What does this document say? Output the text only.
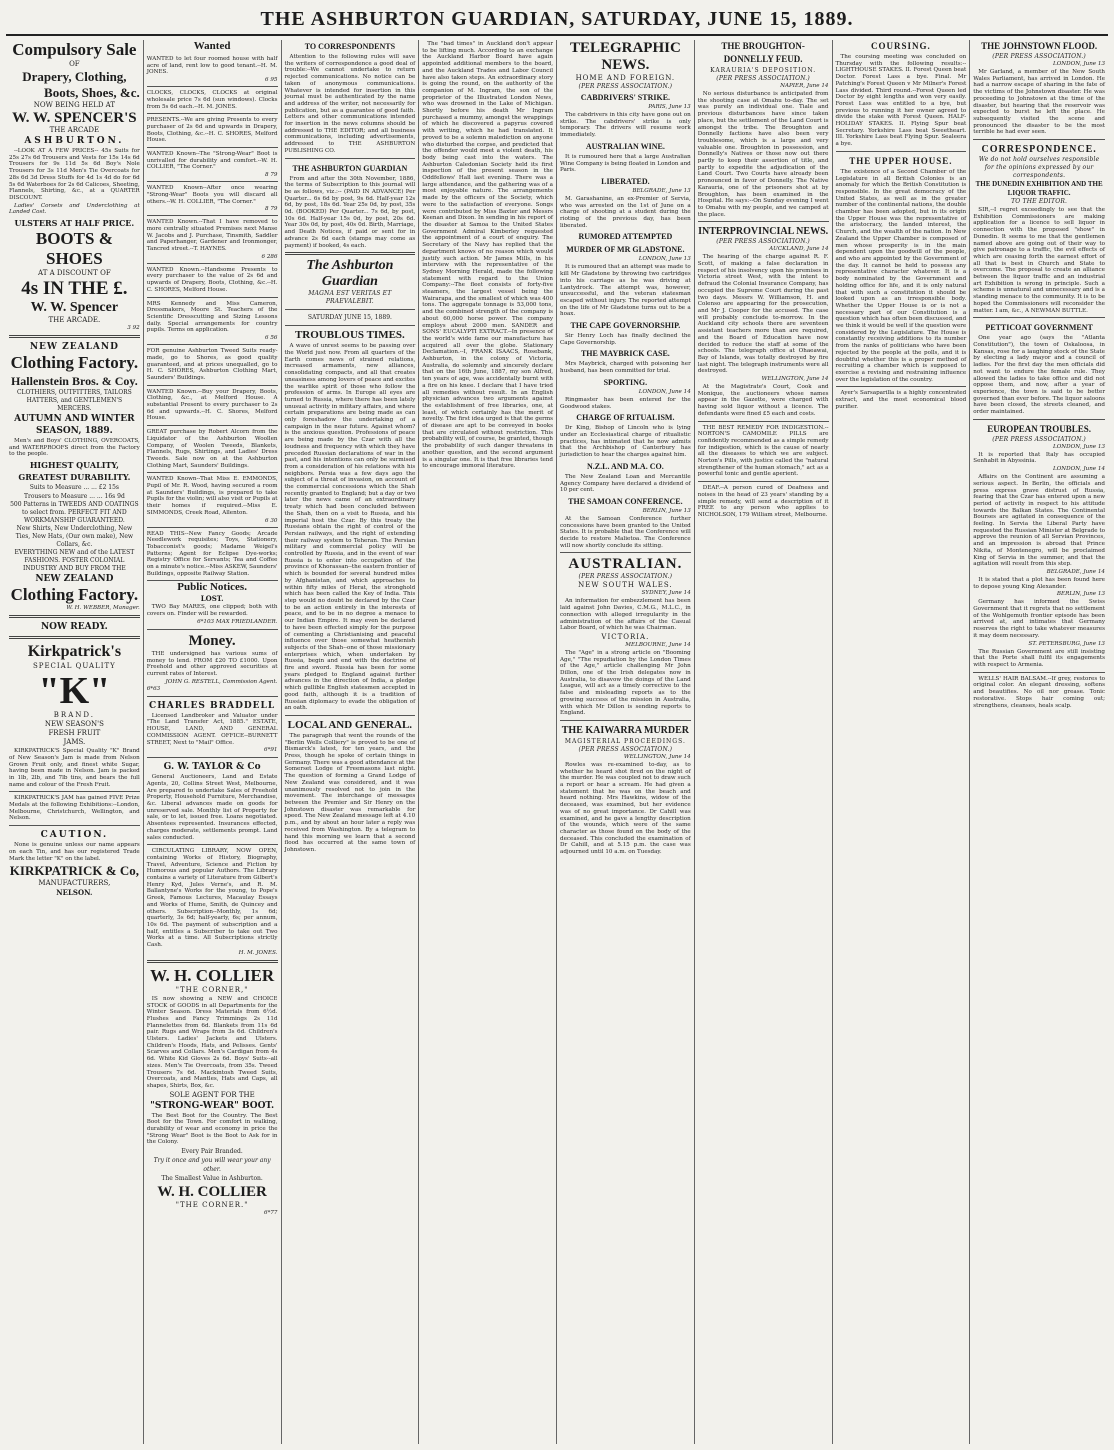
THE ASHBURTON GUARDIAN, SATURDAY, JUNE 15, 1889.
Compulsory Sale
OF
Drapery, Clothing,
Boots, Shoes, &c.
NOW BEING HELD AT
W. W. SPENCER'S
THE ARCADE
ASHBURTON.
--LOOK AT A FEW PRICES-- 45s Suits for 25s 27s 6d Trousers and Vests for 15s 14s 6d Trousers for 9s 11d 5s 6d Boy's Nole Trousers for 3s 11d Men's Tie Overcoats for 28s 6d 3d Dress Stuffs for 4d 1s 4d do for 6d 5s 6d Waterboes for 2s 6d Calicoes, Sheeting, Flannels, Shirting, &c., at a QUARTER DISCOUNT.
Ladies' Corsets and Underclothing at Landed Cost.
ULSTERS AT HALF PRICE.
BOOTS & SHOES
AT A DISCOUNT OF
4s IN THE £.
W. W. Spencer
THE ARCADE.
3 92
NEW ZEALAND
Clothing Factory.
Hallenstein Bros. & Coy.
CLOTHIERS, OUTFITTERS, TAILORS HATTERS, and GENTLEMEN'S MERCERS.
AUTUMN AND WINTER
SEASON, 1889.
Men's and Boys' CLOTHING, OVERCOATS, and WATERPROOFS direct from the Factory to the people.
HIGHEST QUALITY,
GREATEST DURABILITY.
Suits to Measure ... ... £2 15s
Trousers to Measure ... ... 16s 9d
500 Patterns in TWEEDS AND COATINGS to select from. PERFECT FIT AND WORKMANSHIP GUARANTEED.
New Shirts, New Underclothing, New Ties, New Hats, (Our own make), New Collars, &c.
EVERYTHING NEW and of the LATEST FASHIONS. FOSTER COLONIAL INDUSTRY AND BUY FROM THE
NEW ZEALAND
Clothing Factory.
W. H. WEBBER, Manager.
NOW READY.
Kirkpatrick's
SPECIAL QUALITY
"K"
BRAND.
NEW SEASON'S
FRESH FRUIT
JAMS.
KIRKPATRICK'S Special Quality "K" Brand of New Season's Jam is made from Nelson Grown Fruit only, and finest white Sugar, having been made in Nelson. Jam is packed in 1lb, 2lb, and 7lb tins, and bears the full name and colour of the Fresh Fruit.
KIRKPATRICK'S JAM has gained FIVE Prize Medals at the following Exhibitions:--London, Melbourne, Christchurch, Wellington, and Nelson.
CAUTION.
None is genuine unless our name appears on each Tin, and has our registered Trade Mark the letter "K" on the label.
KIRKPATRICK & Co,
MANUFACTURERS,
NELSON.
Wanted
WANTED to let four roomed house with half acre of land, rent low to good tenant.--H. M. JONES.
6 95
CLOCKS, CLOCKS, CLOCKS at original wholesale price 7s 6d (sun windows). Clocks from 5s 6d each.--H. M. JONES.
PRESENTS.--We are giving Presents to every purchaser of 2s 6d and upwards in Drapery, Boots, Clothing, &c.--H. C. SHORES, Melford House.
WANTED Known--The "Strong-Wear" Boot is unrivalled for durability and comfort.--W. H. COLLIER, "The Corner."
8 79
WANTED Known--After once wearing "Strong-Wear" Boots you will discard all others.--W. H. COLLIER, "The Corner."
8 79
WANTED Known.--That I have removed to more centrally situated Premises next Manse W. Jacobs and J. Purchase, Tinsmith, Saddler and Paperhanger, Gardener and Ironmonger, Tancred street.--T. HAYNES.
6 286
WANTED Known.--Handsome Presents to every purchaser to the value of 2s 6d and upwards of Drapery, Boots, Clothing, &c.--H. C. SHORES, Melford House.
MRS Kennedy and Miss Cameron, Dressmakers, Moore St. Teachers of the Scientific Dresscutting and Sizing Lessons daily. Special arrangements for country pupils. Terms on application.
6 56
FOR genuine Ashburton Tweed Suits ready-made, go to Shores, as good quality guaranteed, and at prices unequalled, go to H. C. SHORES, Ashburton Clothing Mart, Saunders' Buildings.
WANTED Known.--Buy your Drapery, Boots, Clothing, &c., at Melford House. A substantial Present to every purchaser to 2s 6d and upwards.--H. C. Shores, Melford House.
GREAT purchase by Robert Alcorn from the Liquidator of the Ashburton Woollen Company, of Woolen Tweeds, Blankets, Flannels, Rugs, Shirtings, and Ladies' Dress Tweeds. Sale now on at the Ashburton Clothing Mart, Saunders' Buildings.
WANTED Known--That Miss E. EMMONDS, Pupil of Mr. R. Wood, having secured a room at Saunders' Buildings, is prepared to take Pupils for the violin; will also visit or Pupils at their homes if required.--Miss E. SIMMONDS, Creek Road, Allenton.
6 30
READ THIS--New Fancy Goods; Arcade Needlework requisites; Toys, Stationery, Tobacconist's goods; Madame Weigel's Patterns; Agent for Eclipse Dye-works; Registry Office for Servants; Tea and Coffee on a minute's notice.--Miss ASKEW, Saunders' Buildings, opposite Railway Station.
Public Notices.
LOST.
TWO Bay MARES, one clipped; both with covers on. Finder will be rewarded.
6*103 MAX FRIEDLANDER.
Money.
THE undersigned has various sums of money to lend. FROM £20 TO £1000. Upon Freehold and other approved securities at current rates of Interest.
JOHN G. RESTELL, Commission Agent.
6*63
CHARLES BRADDELL
Licensed Landbroker and Valuator under "The Land Transfer Act, 1885." ESTATE, HOUSE, LAND, AND GENERAL COMMISSION AGENT. OFFICE--BURNETT STREET, Next to "Mail" Office.
6*91
G. W. TAYLOR & Co
General Auctioneers, Land and Estate Agents, 20, Collins Street West, Melbourne, Are prepared to undertake Sales of Freehold Property, Household Furniture, Merchandise, &c. Liberal advances made on goods for unreserved sale. Monthly list of Property for sale, or to let, issued free. Loans negotiated. Absentees represented. Insurances effected, charges moderate, settlements prompt. Land sales conducted.
CIRCULATING LIBRARY, NOW OPEN, containing Works of History, Biography, Travel, Adventure, Science and Fiction by Humorous and popular Authors. The Library contains a variety of Literature from Gilbert's Henry Kyd, Jules Verne's, and R. M. Ballantyne's Works for the young, to Pope's Greek, Famous Lectures, Macaulay Essays and Works of Hume, Smith, de Quincey and others. Subscription--Monthly, 1s 6d; quarterly, 3s 6d; half-yearly, 6s; per annum, 10s 6d. The payment of subscription and a half, entitles a Subscriber to take out Two Works at a time. All Subscriptions strictly Cash.
H. M. JONES.
W. H. COLLIER
"THE CORNER,"
IS now showing a NEW and CHOICE STOCK of GOODS in all Departments for the Winter Season. Dress Materials from 6½d. Flushes and Fancy Trimmings 2s 11d Flannelettes from 6d. Blankets from 11s 6d pair. Rugs and Wraps from 3s 6d. Children's Ulsters. Ladies' Jackets and Ulsters. Children's Hoods, Hats, and Pelisses. Gents' Scarves and Collars. Men's Cardigan from 4s 6d. White Kid Gloves 2s 6d. Boys' Suits--all sizes. Men's Tie Overcoats, from 35s. Tweed Trousers 7s 6d. Mackintosh Tweed Suits, Overcoats, and Mantles, Hats and Caps, all shapes, Shirts, Box, &c.
SOLE AGENT FOR THE
"STRONG-WEAR" BOOT.
The Best Boot for the Country. The Best Boot for the Town. For comfort in walking, durability of wear and economy in price the "Strong Wear" Boot is the Boot to Ask for in the Colony.
Every Pair Branded.
Try it once and you will wear your any other.
The Smallest Value in Ashburton.
W. H. COLLIER
"THE CORNER."
6*77
TO CORRESPONDENTS
Attention to the following rules will save the writers of correspondence a good deal of trouble:--We cannot undertake to return rejected communications. No notice can be taken of anonymous communications. Whatever is intended for insertion in this journal must be authenticated by the name and address of the writer, not necessarily for publication, but as a guarantee of good faith. Letters and other communications intended for insertion in the news columns should be addressed to THE EDITOR; and all business communications, including advertisements, addressed to THE ASHBURTON PUBLISHING CO.
THE ASHBURTON GUARDIAN
From and after the 30th November, 1886, the terms of Subscription to this journal will be as follows, viz.:-- (PAID IN ADVANCE) Per Quarter... 6s 6d by post, 9s 6d. Half-year 12s 6d, by post, 18s 6d. Year 25s 0d, by post, 35s 0d. (BOOKED) Per Quarter... 7s 6d, by post, 10s 6d. Half-year 15s 0d, by post, 20s 6d. Year 30s 0d, by post, 40s 0d. Birth, Marriage, and Death Notices, if paid or sent for in advance 2s 6d each (stamps may come as payment) if booked, 4s each.
The Ashburton Guardian
MAGNA EST VERITAS ET PRAEVALEBIT.
SATURDAY JUNE 15, 1889.
TROUBLOUS TIMES.
A wave of unrest seems to be passing over the World just now. From all quarters of the Earth comes news of strained relations, increased armaments, new alliances, consolidating compacts, and all that creates uneasiness among lovers of peace and excites the warlike spirit of those who follow the profession of arms. In Europe all eyes are turned to Russia, where there has been lately unusual activity in military affairs, and where certain preparations are being made as can only foreshadow the undertaking of a campaign in the near future. Against whom? is the anxious question. Professions of peace are being made by the Czar with all the loudness and frequency with which they have preceded Russian declarations of war in the past, and his intentions can only be surmised from a consideration of his relations with his neighbors. Persia was a few days ago the subject of a threat of invasion, on account of the commercial concessions which the Shah recently granted to England; but a day or two later the news came of an extraordinary treaty which had been concluded between the Shah, then on a visit to Russia, and his imperial host the Czar. By this treaty the Russians obtain the right of control of the Persian railways, and the right of extending their railway system to Teheran. The Persian military and commercial policy will be controlled by Russia, and in the event of war Russia is to enter into occupation of the province of Khorassan--the eastern frontier of which is bounded for several hundred miles by Afghanistan, and which approaches to within fifty miles of Herat, the stronghold which has been called the Key of India. This step would no doubt be declared by the Czar to be an action entirely in the interests of peace, and to be in no degree a menace to our Indian Empire. It may even be declared to have been effected simply for the purpose of cementing a Christianising and peaceful influence over those somewhat heathenish subjects of the Shah--one of those missionary enterprises which, when undertaken by Russia, begin and end with the doctrine of fire and sword. Russia has been for some years pledged to England against further advances in the direction of India, a pledge which gullible English statesmen accepted in good faith, although it is a tradition of Russian diplomacy to evade the obligation of an oath.
LOCAL AND GENERAL.
The paragraph that went the rounds of the "Berlin Wells Colliery" is proved to be one of Bismarck's latest, for ten years, and the Press, though he spoke of certain things in Germany. There was a good attendance at the Somerset Lodge of Freemasons last night. The question of forming a Grand Lodge of New Zealand was considered, and it was unanimously resolved not to join in the movement. The interchange of messages between the Premier and Sir Henry on the Johnstown disaster was remarkable for speed. The New Zealand message left at 4.10 p.m., and by about an hour later a reply was received from Washington. By a telegram to hand this morning we learn that a second flood has occurred at the same town of Johnstown.
The "bad times" in Auckland don't appear to be lifting much. According to an exchange the Auckland Harbor Board have again appointed additional members to the board, and the Auckland Trades and Labor Council have also taken steps. An extraordinary story is going the round, on the authority of the companion of M. Ingram, the son of the proprietor of the Illustrated London News, who was drowned in the Lake of Michigan. Shortly before his death Mr Ingram purchased a mummy, amongst the wrappings of which he discovered a papyrus covered with writing, which he had translated. It proved to be a solemn malediction on anyone who disturbed the corpse, and predicted that the offender would meet a violent death, his body being cast into the waters. The Ashburton Caledonian Society held its first inspection of the present season in the Oddfellows' Hall last evening. There was a large attendance, and the gathering was of a most enjoyable nature. The arrangements made by the officers of the Society, which were to the satisfaction of everyone. Songs were contributed by Miss Baxter and Messrs Keenan and Dixon. In sending in his report of the disaster at Samoa to the United States Government Admiral Kimberley requested the appointment of a court of enquiry. The Secretary of the Navy has replied that the department knows of no reason which would justify such action. Mr James Mills, in his interview with the representative of the Sydney Morning Herald, made the following statement with regard to the Union Company:--The fleet consists of forty-five steamers, the largest vessel being the Wairarapa, and the smallest of which was 400 tons. The aggregate tonnage is 53,000 tons, and the combined strength of the company is about 60,000 horse power. The company employs about 2000 men. SANDER and SONS' EUCALYPTI EXTRACT.--In presence of the world's wide fame our manufacture has acquired all over the globe. Stationary Declamation.--I, FRANK ISAACS, Rosebank, Ashburton, in the colony of Victoria, Australia, do solemnly and sincerely declare that on the 16th June, 1887, my son Alfred, ten years of age, was accidentally burnt with a fire on his knee. I declare that I have tried all remedies without result. In an English physician advances two arguments against the establishment of free libraries, one, at least, of which certainly has the merit of novelty. The first idea urged is that the germs of disease are apt to be conveyed in books that are circulated without restriction. This probability will, of course, be granted, though the probability of such danger threatens in another question, and the second argument is a singular one. It is that free libraries tend to encourage immoral literature.
TELEGRAPHIC NEWS.
HOME AND FOREIGN.
(PER PRESS ASSOCIATION.)
CABDRIVERS' STRIKE.
PARIS, June 13
The cabdrivers in this city have gone out on strike. The cabdrivers' strike is only temporary. The drivers will resume work immediately.
AUSTRALIAN WINE.
It is rumoured here that a large Australian Wine Company is being floated in London and Paris.
LIBERATED.
BELGRADE, June 13
M. Garashanine, an ex-Premier of Servia, who was arrested on the 1st of June on a charge of shooting at a student during the rioting of the previous day, has been liberated.
RUMORED ATTEMPTED MURDER OF MR GLADSTONE.
LONDON, June 13
It is rumoured that an attempt was made to kill Mr Gladstone by throwing two cartridges into his carriage as he was driving at Lantydrock. The attempt was, however, unsuccessful, and the veteran statesman escaped without injury. The reported attempt on the life of Mr Gladstone turns out to be a hoax.
THE CAPE GOVERNORSHIP.
Sir Henry Loch has finally declined the Cape Governorship.
THE MAYBRICK CASE.
Mrs Maybrick, charged with poisoning her husband, has been committed for trial.
SPORTING.
LONDON, June 14
Ringmaster has been entered for the Goodwood stakes.
CHARGE OF RITUALISM.
Dr King, Bishop of Lincoln who is lying under an Ecclesiastical charge of ritualistic practices, has intimated that he now admits that the Archbishop of Canterbury has jurisdiction to hear the charges against him.
N.Z.L. AND M.A. CO.
The New Zealand Loan and Mercantile Agency Company have declared a dividend of 10 per cent.
THE SAMOAN CONFERENCE.
BERLIN, June 13
At the Samoan Conference further concessions have been granted to the United States. It is probable that the Conference will decide to restore Malietoa. The Conference will now shortly conclude its sitting.
AUSTRALIAN.
(PER PRESS ASSOCIATION.)
NEW SOUTH WALES.
SYDNEY, June 14
An information for embezzlement has been laid against John Davies, C.M.G., M.L.C., in connection with alleged irregularity in the administration of the affairs of the Casual Labor Board, of which he was Chairman.
VICTORIA.
MELBOURNE, June 14
The "Age" in a strong article on "Booming Age," "The repudiation by the London Times of the Age," article challenging Mr John Dillon, one of the Irish delegates now in Australia, to disavow the doings of the Land League, will act as a timely corrective to the false and misleading reports as to the growing success of the mission in Australia, with which Mr Dillon is sending reports to England.
THE KAIWARRA MURDER
MAGISTERIAL PROCEEDINGS.
(PER PRESS ASSOCIATION.)
WELLINGTON, June 14
Rowles was re-examined to-day, as to whether he heard shot fired on the night of the murder. He was coupled not to draw such a report or hear a scream. He had given a statement that he was on the beach and heard nothing. Mrs Hawkins, widow of the deceased, was examined, but her evidence was of no great importance. Dr Cahill was examined, and he gave a lengthy description of the wounds, which were of the same character as those found on the body of the deceased. This concluded the examination of Dr Cahill, and at 5.15 p.m. the case was adjourned until 10 a.m. on Tuesday.
THE BROUGHTON-DONNELLY FEUD.
KARAURIA'S DEPOSITION.
(PER PRESS ASSOCIATION.)
NAPIER, June 14
No serious disturbance is anticipated from the shooting case at Omahu to-day. The set was purely an individual one. Tiale and previous disturbances have since taken place, but the settlement of the Land Court is amongst the tribe. The Broughton and Donnelly factions have also been very troublesome, which is a large and very valuable one. Broughton in possession, and Donnelly's Natives or those now out there partly to keep their assertion of title, and partly to expedite the adjudication of the Land Court. Two Courts have already been pronounced in favor of Donnelly. The Native Karauria, one of the prisoners shot at by Broughton, has been examined in the Hospital. He says:--On Sunday evening I went to Omahu with my people, and we camped at the place.
INTERPROVINCIAL NEWS.
(PER PRESS ASSOCIATION.)
AUCKLAND, June 14
The hearing of the charge against R. F. Scott, of making a false declaration in respect of his insolvency upon his premises in Victoria street West, with the intent to defraud the Colonial Insurance Company, has occupied the Supreme Court during the past two days. Messrs W. Williamson, H. and Colenso are appearing for the prosecution, and Mr J. Cooper for the accused. The case will probably conclude to-morrow. In the Auckland city schools there are seventeen assistant teachers more than are required, and the Board of Education have now decided to reduce the staff at some of the schools. The telegraph office at Ohaeawai, Bay of Islands, was totally destroyed by fire last night. The telegraph instruments were all destroyed.
WELLINGTON, June 14
At the Magistrate's Court, Cook and Monique, the auctioneers whose names appear in the Gazette, were charged with having sold liquor without a licence. The defendants were fined £5 each and costs.
THE BEST REMEDY FOR INDIGESTION.--NORTON'S CAMOMILE PILLS are confidently recommended as a simple remedy for indigestion, which is the cause of nearly all the diseases to which we are subject. Norton's Pills, with justice called the "natural strengthener of the human stomach," act as a powerful tonic and gentle aperient.
DEAF.--A person cured of Deafness and noises in the head of 23 years' standing by a simple remedy, will send a description of it FREE to any person who applies to NICHOLSON, 179 William street, Melbourne.
COURSING.
The coursing meeting was concluded on Thursday with the following results:-- LIGHTHOUSE STAKES. II. Forest Queen beat Doctor. Forest Lass a bye. Final. Mr Patching's Forest Queen v Mr Milner's Forest Lass divided. Third round.--Forest Queen led Doctor by eight lengths and won very easily. Forest Lass was entitled to a bye, but previous to running it her owner agreed to divide the stake with Forest Queen. HALF-HOLIDAY STAKES. II. Flying Spur beat Secretary. Yorkshire Lass beat Sweetheart. III. Yorkshire Lass beat Flying Spur. Sealeera a bye.
THE UPPER HOUSE.
The existence of a Second Chamber of the Legislature in all British Colonies is an anomaly for which the British Constitution is responsible. In the great democracy of the United States, as well as in the greater number of the continental nations, the double chamber has been adopted, but in its origin the Upper House was the representative of the aristocracy, the landed interest, the Church, and the wealth of the nation. In New Zealand the Upper Chamber is composed of men whose prosperity is in the main dependent upon the goodwill of the people, and who are appointed by the Government of the day. It cannot be held to possess any representative character whatever. It is a body nominated by the Government and holding office for life, and it is only natural that with such a constitution it should be looked upon as an irresponsible body. Whether the Upper House is or is not a necessary part of our Constitution is a question which has often been discussed, and we think it would be well if the question were considered by the Legislature. The House is constantly receiving additions to its number from the ranks of politicians who have been rejected by the people at the polls, and it is doubtful whether this is a proper method of recruiting a chamber which is supposed to exercise a revising and restraining influence over the legislation of the country.
Ayer's Sarsaparilla is a highly concentrated extract, and the most economical blood purifier.
THE JOHNSTOWN FLOOD.
(PER PRESS ASSOCIATION.)
LONDON, June 13
Mr Garland, a member of the New South Wales Parliament, has arrived in London. He had a narrow escape of sharing in the fate of the victims of the Johnstown disaster. He was proceeding to Johnstown at the time of the disaster, but hearing that the reservoir was expected to burst he left the place. He subsequently visited the scene and pronounced the disaster to be the most terrible he had ever seen.
CORRESPONDENCE.
We do not hold ourselves responsible for the opinions expressed by our correspondents.
THE DUNEDIN EXHIBITION AND THE LIQUOR TRAFFIC.
TO THE EDITOR.
SIR,--I regret exceedingly to see that the Exhibition Commissioners are making application for a licence to sell liquor in connection with the proposed "show" in Dunedin. It seems to me that the gentlemen named above are going out of their way to give patronage to a traffic, the evil effects of which are ceasing forth the earnest effort of all that is best in Church and State to overcome. The proposal to create an alliance between the liquor traffic and an industrial art Exhibition is wrong in principle. Such a scheme is unnatural and unnecessary and is a standing menace to the community. It is to be hoped the Commissioners will reconsider the matter. I am, &c., A NEWMAN BUTTLE.
PETTICOAT GOVERNMENT
One year ago (says the "Atlanta Constitution"), the town of Oskaloosa, in Kansas, rose for a laughing stock of the State by electing a lady mayor and a council of ladies. For the first day the men officials did not want to endure the female rule. They allowed the ladies to take office and did not oppose them, and now, after a year of experience, the town is said to be better governed than ever before. The liquor saloons have been closed, the streets cleaned, and order maintained.
EUROPEAN TROUBLES.
(PER PRESS ASSOCIATION.)
LONDON, June 13
It is reported that Italy has occupied Senhabit in Abyssinia.
LONDON, June 14
Affairs on the Continent are assuming a serious aspect. In Berlin, the officials and press express grave distrust of Russia, fearing that the Czar has entered upon a new period of activity in respect to his attitude towards the Balkan States. The Continental Bourses are agitated in consequence of the feeling. In Servia the Liberal Party have requested the Russian Minister at Belgrade to approve the reunion of all Servian Provinces, and an impression is abroad that Prince Nikita, of Montenegro, will be proclaimed King of Servia in the summer, and that the agitation will result from this step.
BELGRADE, June 14
It is stated that a plot has been found here to depose young King Alexander.
BERLIN, June 13
Germany has informed the Swiss Government that it regrets that no settlement of the Wohlgemuth frontier episode has been arrived at, and intimates that Germany reserves the right to take whatever measures it may deem necessary.
ST. PETERSBURG, June 13
The Russian Government are still insisting that the Porte shall fulfil its engagements with respect to Armenia.
WELLS' HAIR BALSAM.--If grey, restores to original color. An elegant dressing, softens and beautifies. No oil nor grease. Tonic restorative. Stops hair coming out; strengthens, cleanses, heals scalp.
